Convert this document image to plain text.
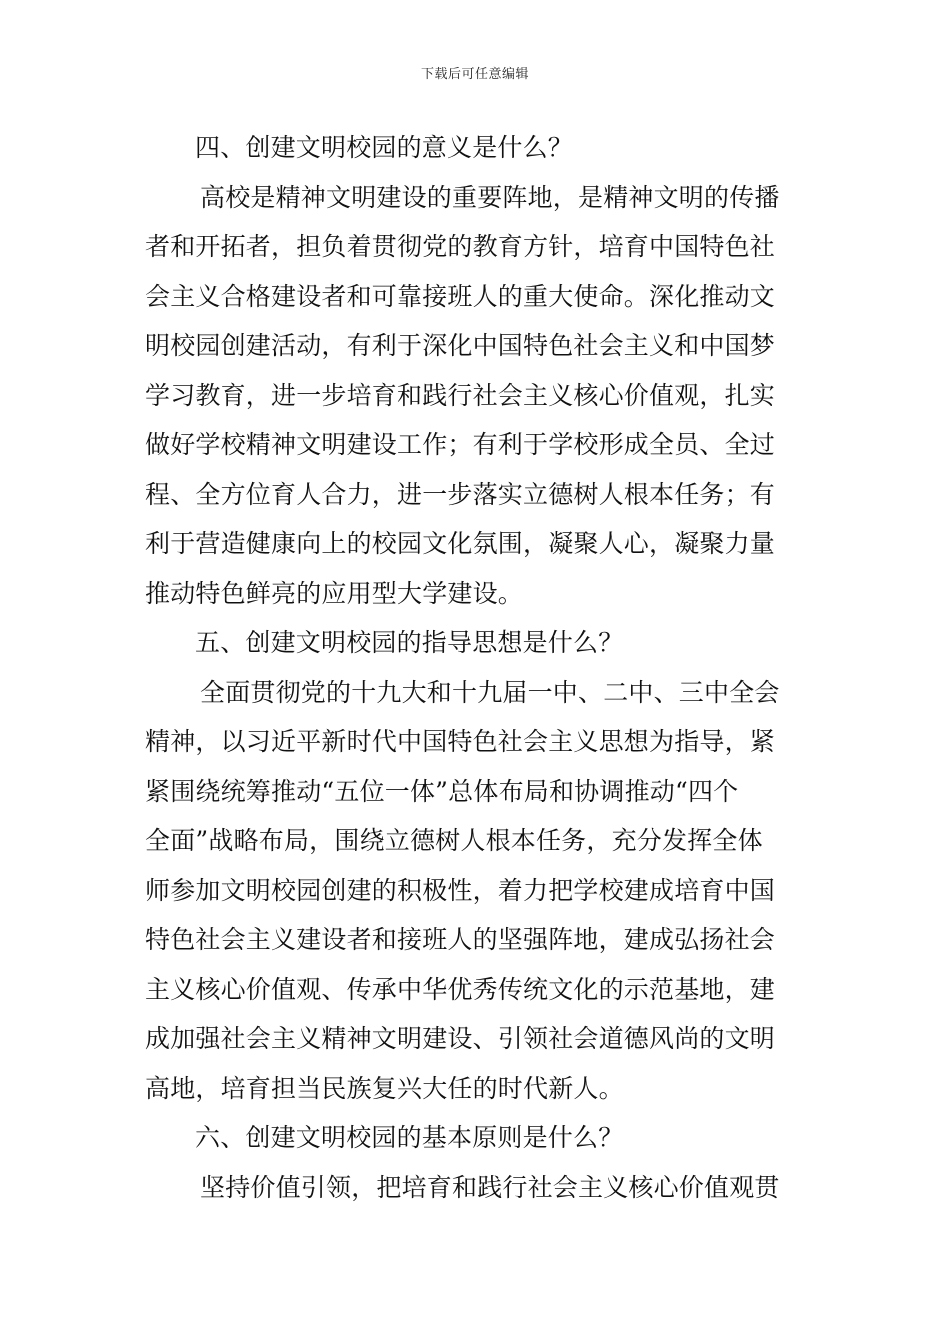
下载后可任意编辑
四、创建文明校园的意义是什么？
高校是精神文明建设的重要阵地，是精神文明的传播
者和开拓者，担负着贯彻党的教育方针，培育中国特色社
会主义合格建设者和可靠接班人的重大使命。深化推动文
明校园创建活动，有利于深化中国特色社会主义和中国梦
学习教育，进一步培育和践行社会主义核心价值观，扎实
做好学校精神文明建设工作；有利于学校形成全员、全过
程、全方位育人合力，进一步落实立德树人根本任务；有
利于营造健康向上的校园文化氛围，凝聚人心，凝聚力量
推动特色鲜亮的应用型大学建设。
五、创建文明校园的指导思想是什么？
全面贯彻党的十九大和十九届一中、二中、三中全会
精神，以习近平新时代中国特色社会主义思想为指导，紧
紧围绕统筹推动“五位一体”总体布局和协调推动“四个
全面”战略布局，围绕立德树人根本任务，充分发挥全体
师参加文明校园创建的积极性，着力把学校建成培育中国
特色社会主义建设者和接班人的坚强阵地，建成弘扬社会
主义核心价值观、传承中华优秀传统文化的示范基地，建
成加强社会主义精神文明建设、引领社会道德风尚的文明
高地，培育担当民族复兴大任的时代新人。
六、创建文明校园的基本原则是什么？
坚持价值引领，把培育和践行社会主义核心价值观贯
